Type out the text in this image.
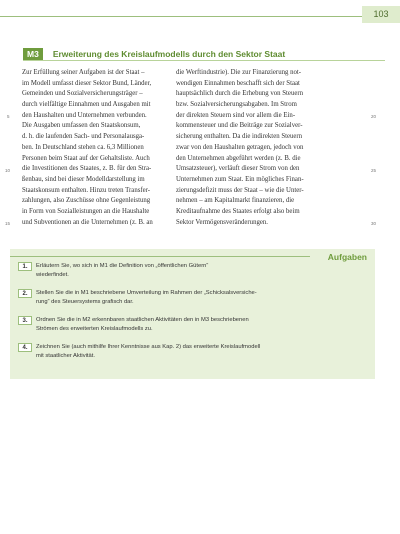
103
M3	Erweiterung des Kreislaufmodells durch den Sektor Staat
Zur Erfüllung seiner Aufgaben ist der Staat –
im Modell umfasst dieser Sektor Bund, Länder,
Gemeinden und Sozialversicherungsträger –
durch vielfältige Einnahmen und Ausgaben mit
den Haushalten und Unternehmen verbunden.
Die Ausgaben umfassen den Staatskonsum,
d. h. die laufenden Sach- und Personalausga-
ben. In Deutschland stehen ca. 6,3 Millionen
Personen beim Staat auf der Gehaltsliste. Auch
die Investitionen des Staates, z. B. für den Stra-
ßenbau, sind bei dieser Modelldarstellung im
Staatskonsum enthalten. Hinzu treten Transfer-
zahlungen, also Zuschüsse ohne Gegenleistung
in Form von Sozialleistungen an die Haushalte
und Subventionen an die Unternehmen (z. B. an
die Werftindustrie). Die zur Finanzierung not-
wendigen Einnahmen beschafft sich der Staat
hauptsächlich durch die Erhebung von Steuern
bzw. Sozialversicherungsabgaben. Im Strom
der direkten Steuern sind vor allem die Ein-
kommensteuer und die Beiträge zur Sozialver-
sicherung enthalten. Da die indirekten Steuern
zwar von den Haushalten getragen, jedoch von
den Unternehmen abgeführt werden (z. B. die
Umsatzsteuer), verläuft dieser Strom von den
Unternehmen zum Staat. Ein mögliches Finan-
zierungsdefizit muss der Staat – wie die Unter-
nehmen – am Kapitalmarkt finanzieren, die
Kreditaufnahme des Staates erfolgt also beim
Sektor Vermögensveränderungen.
5
10
15
20
25
30
Aufgaben
1.	Erläutern Sie, wo sich in M1 die Definition von „öffentlichen Gütern“
wiederfindet.
2.	Stellen Sie die in M1 beschriebene Umverteilung im Rahmen der „Schicksalsversiche-
rung“ des Steuersystems grafisch dar.
3.	Ordnen Sie die in M2 erkennbaren staatlichen Aktivitäten den in M3 beschriebenen
Strömen des erweiterten Kreislaufmodells zu.
4.	Zeichnen Sie (auch mithilfe Ihrer Kenntnisse aus Kap. 2) das erweiterte Kreislaufmodell
mit staatlicher Aktivität.
